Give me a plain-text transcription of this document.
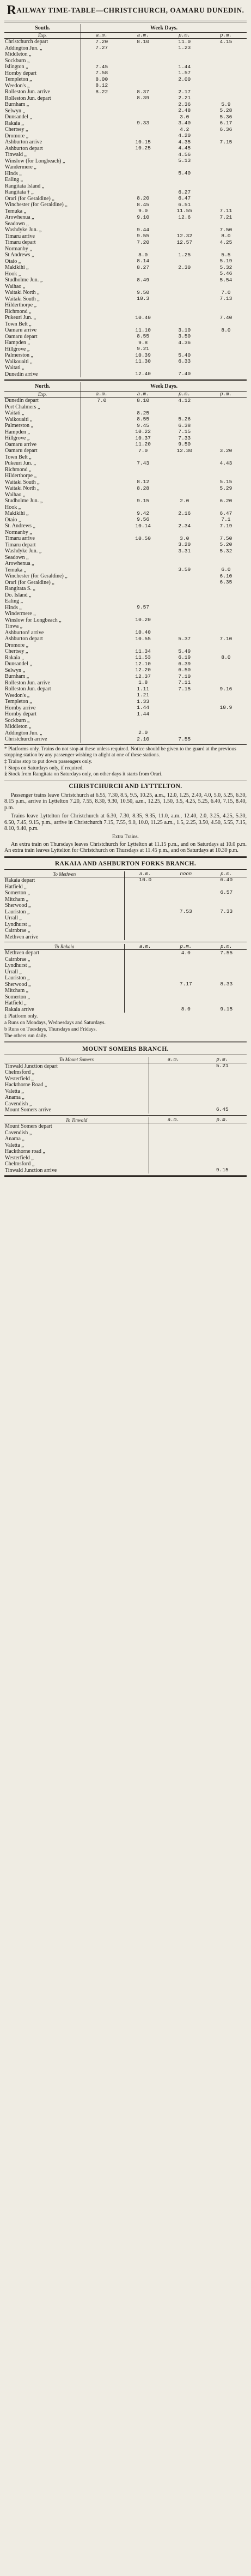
RAILWAY TIME-TABLE—CHRISTCHURCH, OAMARU DUNEDIN.
South.	Week Days.			
Exp.	a.m.	a.m.	p.m.	p.m.
Christchurch depart	7.20	8.10	11.0	4.15
Addington Jun. „	7.27		1.23	
Middleton „				
Sockburn „				
Islington „	7.45		1.44	
Hornby depart	7.58		1.57	
Templeton „	8.00		2.00	
Weedon's „	8.12			
Rolleston Jun. arrive	8.22	8.37	2.17	
Rolleston Jun. depart		8.39	2.21	
Burnham „			2.36	5.9
Selwyn „			2.48	5.28
Dunsandel „			3.0	5.36
Rakaia „		9.33	3.40	6.17
Chertsey „			4.2	6.36
Dromore „			4.20	
Ashburton arrive		10.15	4.35	7.15
Ashburton depart		10.25	4.45	
Tinwald „			4.56	
Winslow (for Longbeach) „			5.13	
Wandermere „				
Hinds „			5.40	
Ealing „				
Rangitata Island „				
Rangitata † „			6.27	
Orari (for Geraldine) „		8.20	6.47	
Winchester (for Geraldine) „		8.45	6.51	
Temuka „		9.0	11.55	7.11
Arowhenua „		9.10	12.6	7.21
Seadown „				
Washdyke Jun. „		9.44		7.50
Timaru arrive		9.55	12.32	8.0
Timaru depart		7.20	12.57	4.25
Normanby „				
St Andrews „		8.0	1.25	5.5
Otaio „		8.14		5.19
Makikihi „		8.27	2.30	5.32
Hook „				5.46
Studholme Jun. „		8.49		5.54
Waihao „				
Waitaki North „		9.50		7.0
Waitaki South „		10.3		7.13
Hilderthorpe „				
Richmond „				
Pukeuri Jun. „		10.40		7.40
Town Belt „				
Oamaru arrive		11.10	3.10	8.0
Oamaru depart		8.55	3.50	
Hampden „		9.8	4.36	
Hillgrove „		9.21		
Palmerston „		10.39	5.40	
Waikouaiti „		11.30	6.33	
Waitati „				
Dunedin arrive		12.40	7.40	
North.	Week Days.			
Exp.	a.m.	a.m.	p.m.	p.m.
Dunedin depart	7.0	8.10	4.12	
Port Chalmers „				
Waitati „		8.25		
Waikouaiti „		8.55	5.26	
Palmerston „		9.45	6.38	
Hampden „		10.22	7.15	
Hillgrove „		10.37	7.33	
Oamaru arrive		11.20	9.50	
Oamaru depart		7.0	12.30	3.20
Town Belt „				
Pukeuri Jun. „		7.43		4.43
Richmond „				
Hilderthorpe „				
Waitaki South „		8.12		5.15
Waitaki North „		8.28		5.29
Waihao „				
Studholme Jun. „		9.15	2.0	6.20
Hook „				
Makikihi „		9.42	2.16	6.47
Otaio „		9.56		7.1
St. Andrews „		10.14	2.34	7.19
Normanby „				
Timaru arrive		10.50	3.0	7.50
Timaru depart			3.20	5.20
Washdyke Jun. „			3.31	5.32
Seadown „				
Arowhenua „				
Temuka „			3.59	6.0
Winchester (for Geraldine) „				6.10
Orari (for Geraldine) „				6.35
Rangitata S. „				
Do. Island „				
Ealing „				
Hinds „		9.57		
Windermere „				
Winslow for Longbeach „		10.20		
Tinwa „				
Ashburton! arrive		10.40		
Ashburton depart		10.55	5.37	7.10
Dromore „				
Chertsey „		11.34	5.49	
Rakaia „		11.53	6.19	8.0
Dunsandel „		12.10	6.39	
Selwyn „		12.20	6.50	
Burnham „		12.37	7.10	
Rolleston Jun. arrive		1.8	7.11	
Rolleston Jun. depart		1.11	7.15	9.16
Weedon's „		1.21		
Templeton „		1.33		
Hornby arrive		1.44		10.9
Hornby depart		1.44		
Sockburn „				
Middleton „				
Addington Jun. „		2.0		
Christchurch arrive		2.10	7.55	
* Platforms only. Trains do not stop at these unless required. Notice should be given to the guard at the previous stopping station by any passenger wishing to alight at one of these stations.
‡ Trains stop to put down passengers only.
† Stops on Saturdays only, if required.
§ Stock from Rangitata on Saturdays only, on other days it starts from Orari.
CHRISTCHURCH AND LYTTELTON.
Passenger trains leave Christchurch at 6.55, 7.30, 8.5, 9.5, 10.25, a.m., 12.0, 1.25, 2.40, 4.0, 5.0, 5.25, 6.30, 8.15 p.m., arrive in Lyttelton 7.20, 7.55, 8.30, 9.30, 10.50, a.m., 12.25, 1.50, 3.5, 4.25, 5.25, 6.40, 7.15, 8.40, p.m.
Trains leave Lyttelton for Christchurch at 6.30, 7.30, 8.35, 9.35, 11.0, a.m., 12.40, 2.0, 3.25, 4.25, 5.30, 6.50, 7.45, 9.15, p.m., arrive in Christchurch 7.15, 7.55, 9.0, 10.0, 11.25 a.m., 1.5, 2.25, 3.50, 4.50, 5.55, 7.15, 8.10, 9.40, p.m.
Extra Trains.
An extra train on Thursdays leaves Christchurch for Lyttelton at 11.15 p.m., and on Saturdays at 10.0 p.m. An extra train leaves Lyttelton for Christchurch on Thursdays at 11.45 p.m., and on Saturdays at 10.30 p.m.
RAKAIA AND ASHBURTON FORKS BRANCH.
To Methven	a.m.	noon	p.m.
Rakaia depart	10.0		6.40
Hatfield „			
Somerton „			6.57
Mitcham „			
Sherwood „			
Lauriston „		7.53	7.33
Urrall „			
Lyndhurst „			
Cairnbrae „			
Methven arrive			
To Rakaia	a.m.	p.m.	p.m.
Methven depart		4.0	7.55
Cairnbrae „			
Lyndhurst „			
Urrall „			
Lauriston „			
Sherwood „		7.17	8.33
Mitcham „			
Somerton „			
Hatfield „			
Rakaia arrive		8.0	9.15
‡ Platform only.
a Runs on Mondays, Wednesdays and Saturdays.
b Runs on Tuesdays, Thursdays and Fridays.
The others run daily.
MOUNT SOMERS BRANCH.
To Mount Somers	a.m.	p.m.
Tinwald Junction depart		5.21
Chelmsford „		
Westerfield „		
Hackthorne Road „		
Valetta „		
Anama „		
Cavendish „		
Mount Somers arrive		6.45
To Tinwald	a.m.	p.m.
Mount Somers depart		
Cavendish „		
Anama „		
Valetta „		
Hackthorne road „		
Westerfield „		
Chelmsford „		
Tinwald Junction arrive		9.15
